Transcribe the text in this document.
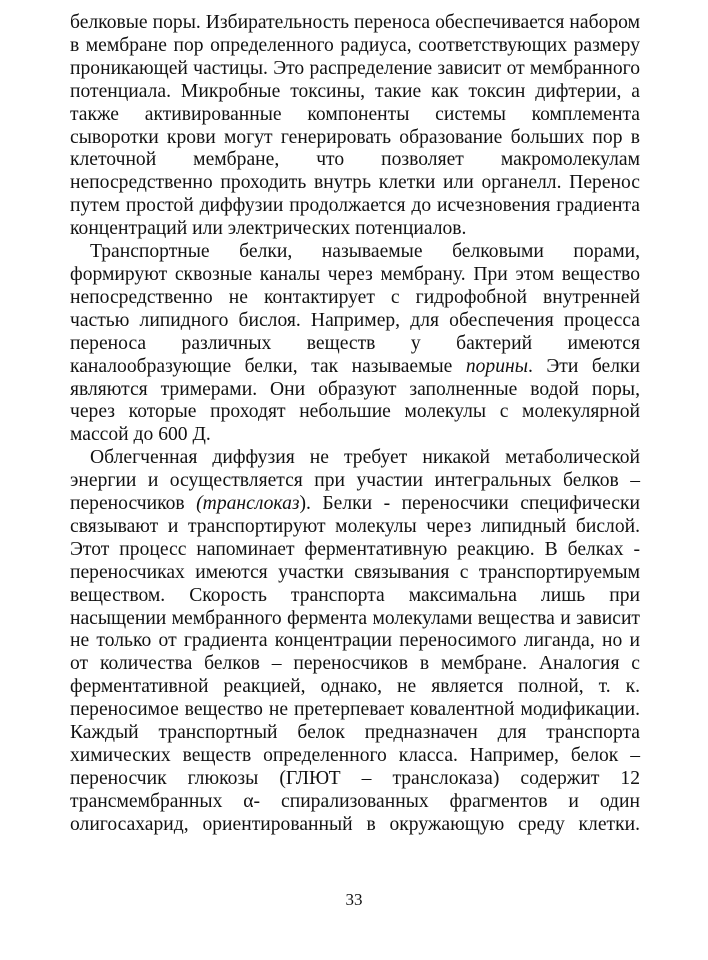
белковые поры. Избирательность переноса обеспечивается набором в мембране пор определенного радиуса, соответствующих размеру проникающей частицы. Это распределение зависит от мембранного потенциала. Микробные токсины, такие как токсин дифтерии, а также активированные компоненты системы комплемента сыворотки крови могут генерировать образование больших пор в клеточной мембране, что позволяет макромолекулам непосредственно проходить внутрь клетки или органелл. Перенос путем простой диффузии продолжается до исчезновения градиента концентраций или электрических потенциалов.

Транспортные белки, называемые белковыми порами, формируют сквозные каналы через мембрану. При этом вещество непосредственно не контактирует с гидрофобной внутренней частью липидного бислоя. Например, для обеспечения процесса переноса различных веществ у бактерий имеются каналообразующие белки, так называемые порины. Эти белки являются тримерами. Они образуют заполненные водой поры, через которые проходят небольшие молекулы с молекулярной массой до 600 Д.

Облегченная диффузия не требует никакой метаболической энергии и осуществляется при участии интегральных белков – переносчиков (транслоказ). Белки - переносчики специфически связывают и транспортируют молекулы через липидный бислой. Этот процесс напоминает ферментативную реакцию. В белках - переносчиках имеются участки связывания с транспортируемым веществом. Скорость транспорта максимальна лишь при насыщении мембранного фермента молекулами вещества и зависит не только от градиента концентрации переносимого лиганда, но и от количества белков – переносчиков в мембране. Аналогия с ферментативной реакцией, однако, не является полной, т. к. переносимое вещество не претерпевает ковалентной модификации. Каждый транспортный белок предназначен для транспорта химических веществ определенного класса. Например, белок – переносчик глюкозы (ГЛЮТ – транслоказа) содержит 12 трансмембранных α- спирализованных фрагментов и один олигосахарид, ориентированный в окружающую среду клетки.

33
